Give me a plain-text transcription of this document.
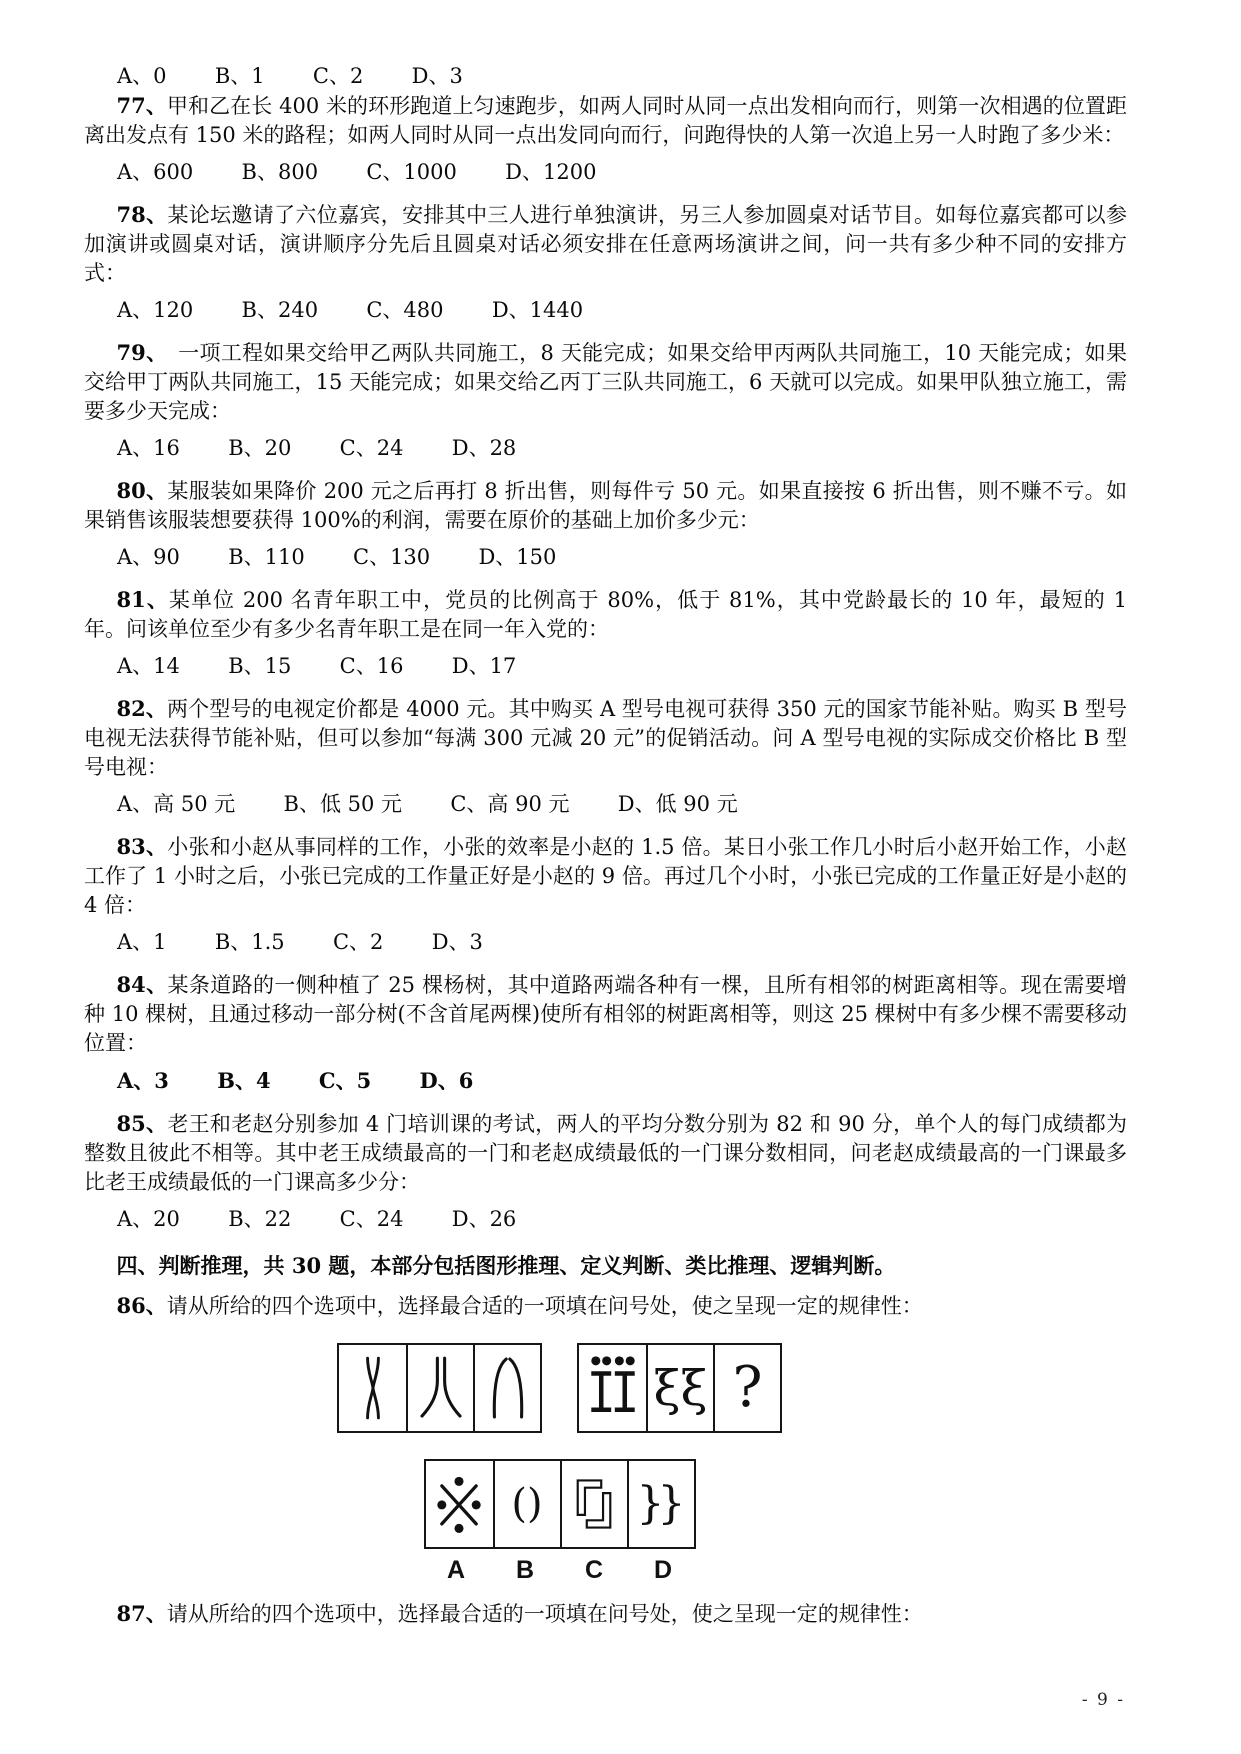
A、0 B、1 C、2 D、3

77、甲和乙在长 400 米的环形跑道上匀速跑步，如两人同时从同一点出发相向而行，则第一次相遇的位置距离出发点有 150 米的路程；如两人同时从同一点出发同向而行，问跑得快的人第一次追上另一人时跑了多少米：

A、600 B、800 C、1000 D、1200

78、某论坛邀请了六位嘉宾，安排其中三人进行单独演讲，另三人参加圆桌对话节目。如每位嘉宾都可以参加演讲或圆桌对话，演讲顺序分先后且圆桌对话必须安排在任意两场演讲之间，问一共有多少种不同的安排方式：

A、120 B、240 C、480 D、1440

79、　一项工程如果交给甲乙两队共同施工，8 天能完成；如果交给甲丙两队共同施工，10 天能完成；如果交给甲丁两队共同施工，15 天能完成；如果交给乙丙丁三队共同施工，6 天就可以完成。如果甲队独立施工，需要多少天完成：

A、16 B、20 C、24 D、28

80、某服装如果降价 200 元之后再打 8 折出售，则每件亏 50 元。如果直接按 6 折出售，则不赚不亏。如果销售该服装想要获得 100%的利润，需要在原价的基础上加价多少元：

A、90 B、110 C、130 D、150

81、某单位 200 名青年职工中，党员的比例高于 80%，低于 81%，其中党龄最长的 10 年，最短的 1 年。问该单位至少有多少名青年职工是在同一年入党的：

A、14 B、15 C、16 D、17

82、两个型号的电视定价都是 4000 元。其中购买 A 型号电视可获得 350 元的国家节能补贴。购买 B 型号电视无法获得节能补贴，但可以参加“每满 300 元减 20 元”的促销活动。问 A 型号电视的实际成交价格比 B 型号电视：

A、高 50 元 B、低 50 元 C、高 90 元 D、低 90 元

83、小张和小赵从事同样的工作，小张的效率是小赵的 1.5 倍。某日小张工作几小时后小赵开始工作，小赵工作了 1 小时之后，小张已完成的工作量正好是小赵的 9 倍。再过几个小时，小张已完成的工作量正好是小赵的 4 倍：

A、1 B、1.5 C、2 D、3

84、某条道路的一侧种植了 25 棵杨树，其中道路两端各种有一棵，且所有相邻的树距离相等。现在需要增种 10 棵树，且通过移动一部分树(不含首尾两棵)使所有相邻的树距离相等，则这 25 棵树中有多少棵不需要移动位置：

A、3 B、4 C、5 D、6

85、老王和老赵分别参加 4 门培训课的考试，两人的平均分数分别为 82 和 90 分，单个人的每门成绩都为整数且彼此不相等。其中老王成绩最高的一门和老赵成绩最低的一门课分数相同，问老赵成绩最高的一门课最多比老王成绩最低的一门课高多少分：

A、20 B、22 C、24 D、26

四、判断推理，共 30 题，本部分包括图形推理、定义判断、类比推理、逻辑判断。

86、请从所给的四个选项中，选择最合适的一项填在问号处，使之呈现一定的规律性：

ξξ ?
() }}
A	B	C	D

87、请从所给的四个选项中，选择最合适的一项填在问号处，使之呈现一定的规律性：

- 9 -
